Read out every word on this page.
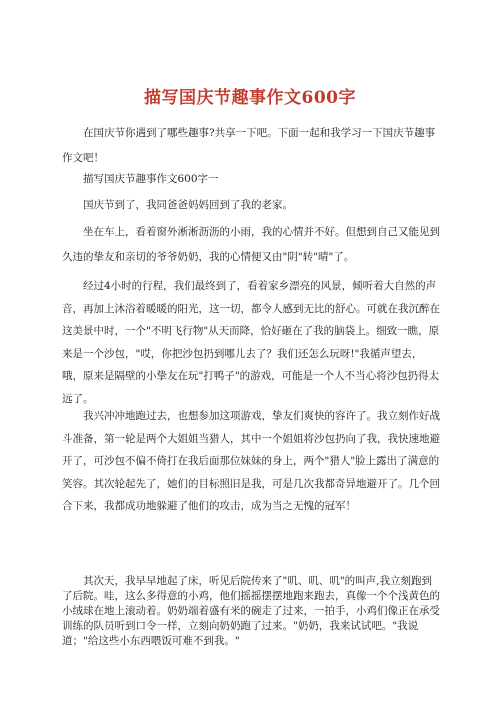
描写国庆节趣事作文600字

在国庆节你遇到了哪些趣事?共享一下吧。下面一起和我学习一下国庆节趣事作文吧！

描写国庆节趣事作文600字一

国庆节到了，我同爸爸妈妈回到了我的老家。

坐在车上，看着窗外淅淅沥沥的小雨，我的心情并不好。但想到自己又能见到久违的挚友和亲切的爷爷奶奶，我的心情便又由"阴"转"晴"了。

经过4小时的行程，我们最终到了，看着家乡漂亮的风景，倾听着大自然的声音，再加上沐浴着暖暖的阳光，这一切，都令人感到无比的舒心。可就在我沉醉在这美景中时，一个"不明飞行物"从天而降，恰好砸在了我的脑袋上。细致一瞧，原来是一个沙包，"哎，你把沙包扔到哪儿去了？我们还怎么玩呀!"我循声望去，哦，原来是隔壁的小挚友在玩"打鸭子"的游戏，可能是一个人不当心将沙包扔得太远了。

我兴冲冲地跑过去，也想参加这项游戏，挚友们爽快的容许了。我立刻作好战斗准备，第一轮是两个大姐姐当猎人，其中一个姐姐将沙包扔向了我，我快速地避开了，可沙包不偏不倚打在我后面那位妹妹的身上，两个"猎人"脸上露出了满意的笑容。其次轮起先了，她们的目标照旧是我，可是几次我都奇异地避开了。几个回合下来，我都成功地躲避了他们的攻击，成为当之无愧的冠军！

其次天，我早早地起了床，听见后院传来了"叽、叽、叽"的叫声,我立刻跑到了后院。哇，这么多得意的小鸡，他们摇摇摆摆地跑来跑去，真像一个个浅黄色的小绒球在地上滚动着。奶奶端着盛有米的碗走了过来，一拍手，小鸡们像正在承受训练的队员听到口令一样，立刻向奶奶跑了过来。"奶奶，我来试试吧。"我说道；"给这些小东西喂饭可难不到我。"
